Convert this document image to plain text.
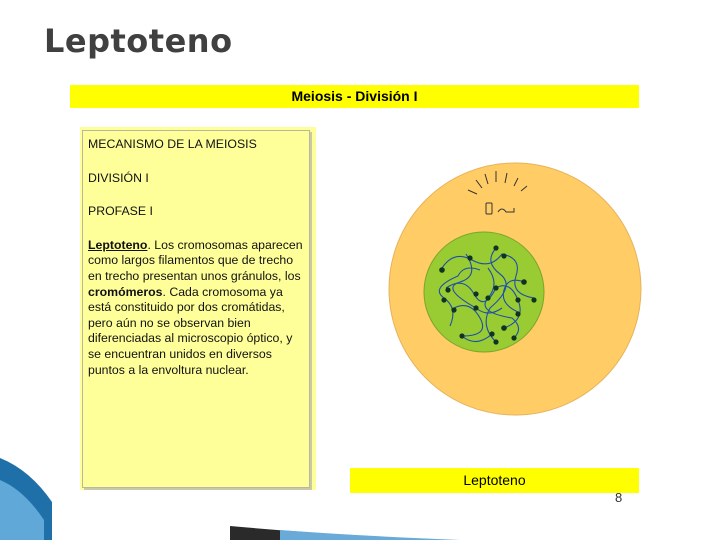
Leptoteno
Meiosis - División I
MECANISMO DE LA MEIOSIS
DIVISIÓN I
PROFASE I
Leptoteno. Los cromosomas aparecen como largos filamentos que de trecho en trecho presentan unos gránulos, los cromómeros. Cada cromosoma ya está constituido por dos cromátidas, pero aún no se observan bien diferenciadas al microscopio óptico, y se encuentran unidos en diversos puntos a la envoltura nuclear.
Leptoteno
8
